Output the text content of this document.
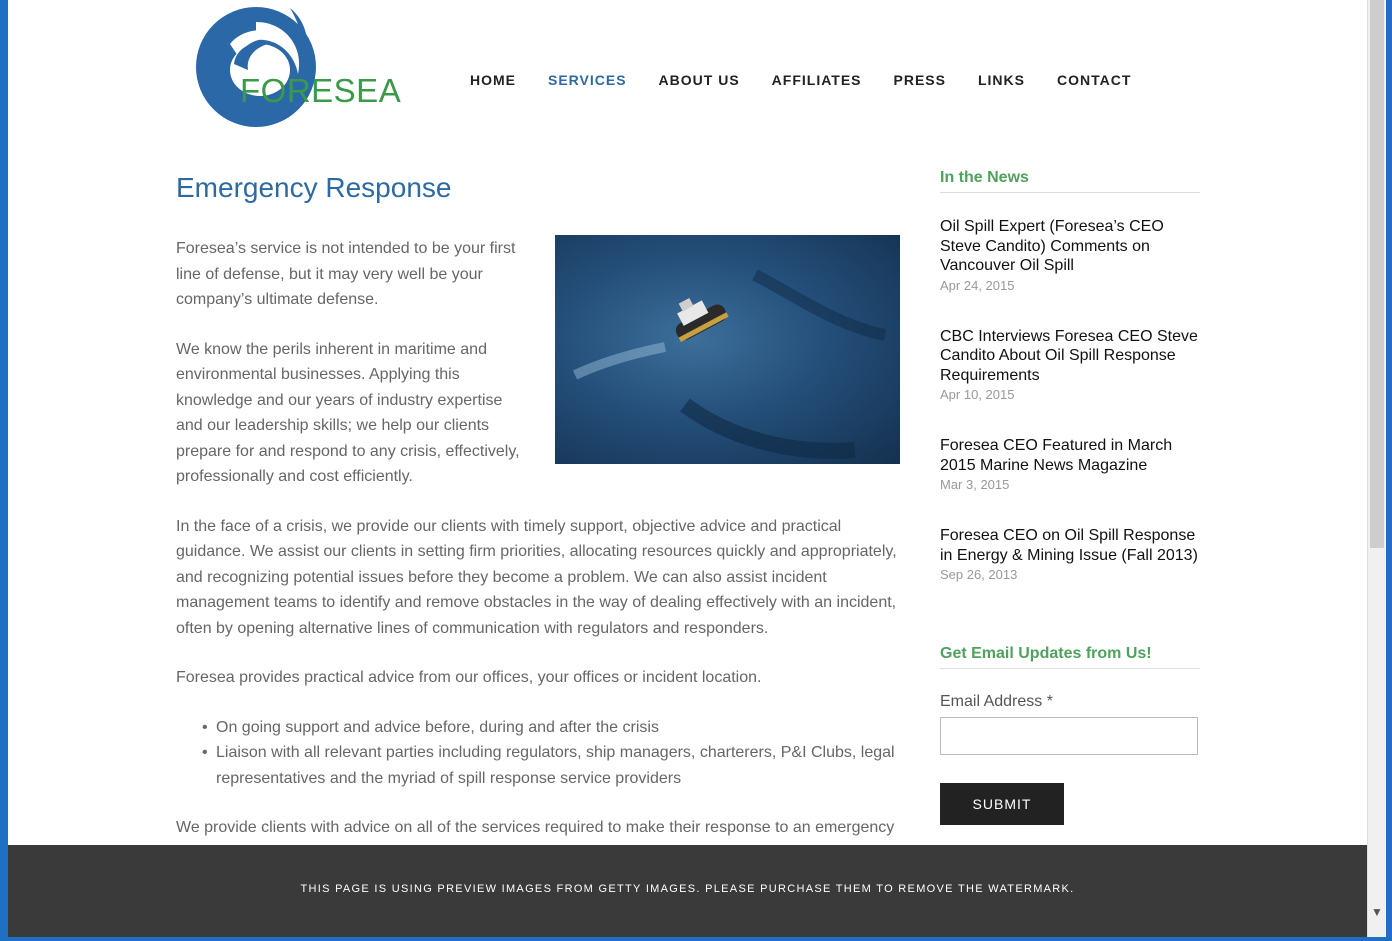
FORESEA	HOME SERVICES ABOUT US AFFILIATES PRESS LINKS CONTACT
Emergency Response

Foresea’s service is not intended to be your first line of defense, but it may very well be your company’s ultimate defense.

We know the perils inherent in maritime and environmental businesses. Applying this knowledge and our years of industry expertise and our leadership skills; we help our clients prepare for and respond to any crisis, effectively, professionally and cost efficiently.

In the face of a crisis, we provide our clients with timely support, objective advice and practical guidance. We assist our clients in setting firm priorities, allocating resources quickly and appropriately, and recognizing potential issues before they become a problem. We can also assist incident management teams to identify and remove obstacles in the way of dealing effectively with an incident, often by opening alternative lines of communication with regulators and responders.

Foresea provides practical advice from our offices, your offices or incident location.

• On going support and advice before, during and after the crisis
• Liaison with all relevant parties including regulators, ship managers, charterers, P&I Clubs, legal representatives and the myriad of spill response service providers

We provide clients with advice on all of the services required to make their response to an emergency

In the News
Oil Spill Expert (Foresea’s CEO Steve Candito) Comments on Vancouver Oil Spill
Apr 24, 2015
CBC Interviews Foresea CEO Steve Candito About Oil Spill Response Requirements
Apr 10, 2015
Foresea CEO Featured in March 2015 Marine News Magazine
Mar 3, 2015
Foresea CEO on Oil Spill Response in Energy & Mining Issue (Fall 2013)
Sep 26, 2013
Get Email Updates from Us!
Email Address *
SUBMIT
THIS PAGE IS USING PREVIEW IMAGES FROM GETTY IMAGES. PLEASE PURCHASE THEM TO REMOVE THE WATERMARK.
▼
